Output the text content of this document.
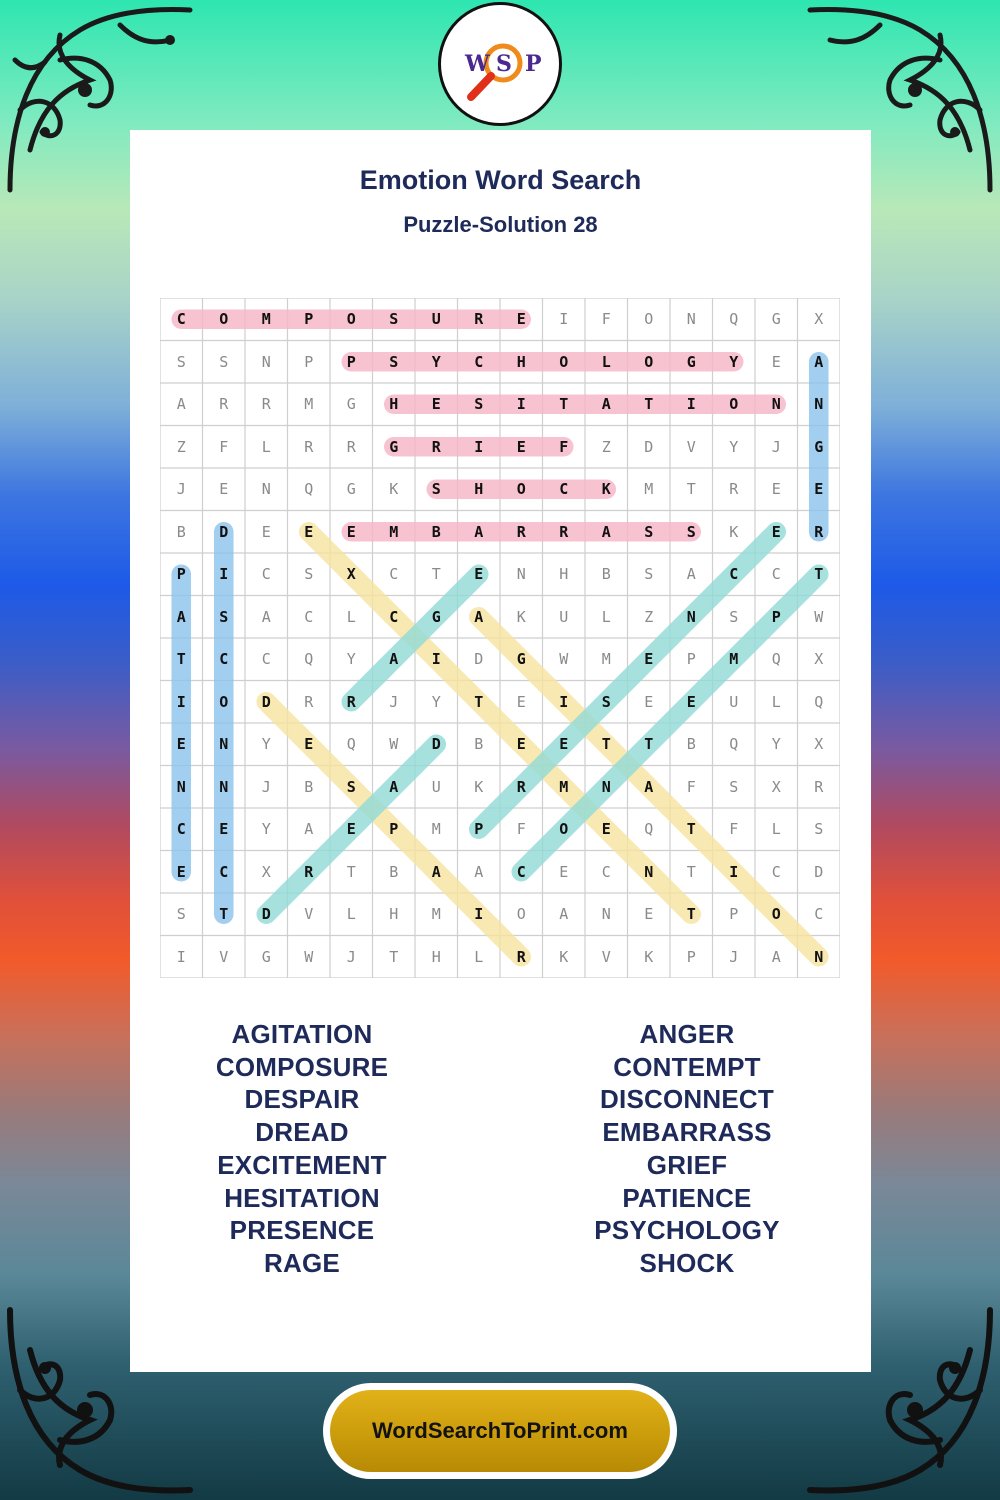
W S P
Emotion Word Search
Puzzle-Solution 28
C	O	M	P	O	S	U	R	E	I	F	O	N	Q	G	X
S	S	N	P	P	S	Y	C	H	O	L	O	G	Y	E	A
A	R	R	M	G	H	E	S	I	T	A	T	I	O	N	N
Z	F	L	R	R	G	R	I	E	F	Z	D	V	Y	J	G
J	E	N	Q	G	K	S	H	O	C	K	M	T	R	E	E
B	D	E	E	E	M	B	A	R	R	A	S	S	K	E	R
P	I	C	S	X	C	T	E	N	H	B	S	A	C	C	T
A	S	A	C	L	C	G	A	K	U	L	Z	N	S	P	W
T	C	C	Q	Y	A	I	D	G	W	M	E	P	M	Q	X
I	O	D	R	R	J	Y	T	E	I	S	E	E	U	L	Q
E	N	Y	E	Q	W	D	B	E	E	T	T	B	Q	Y	X
N	N	J	B	S	A	U	K	R	M	N	A	F	S	X	R
C	E	Y	A	E	P	M	P	F	O	E	Q	T	F	L	S
E	C	X	R	T	B	A	A	C	E	C	N	T	I	C	D
S	T	D	V	L	H	M	I	O	A	N	E	T	P	O	C
I	V	G	W	J	T	H	L	R	K	V	K	P	J	A	N
AGITATION
COMPOSURE
DESPAIR
DREAD
EXCITEMENT
HESITATION
PRESENCE
RAGE
ANGER
CONTEMPT
DISCONNECT
EMBARRASS
GRIEF
PATIENCE
PSYCHOLOGY
SHOCK
WordSearchToPrint.com
